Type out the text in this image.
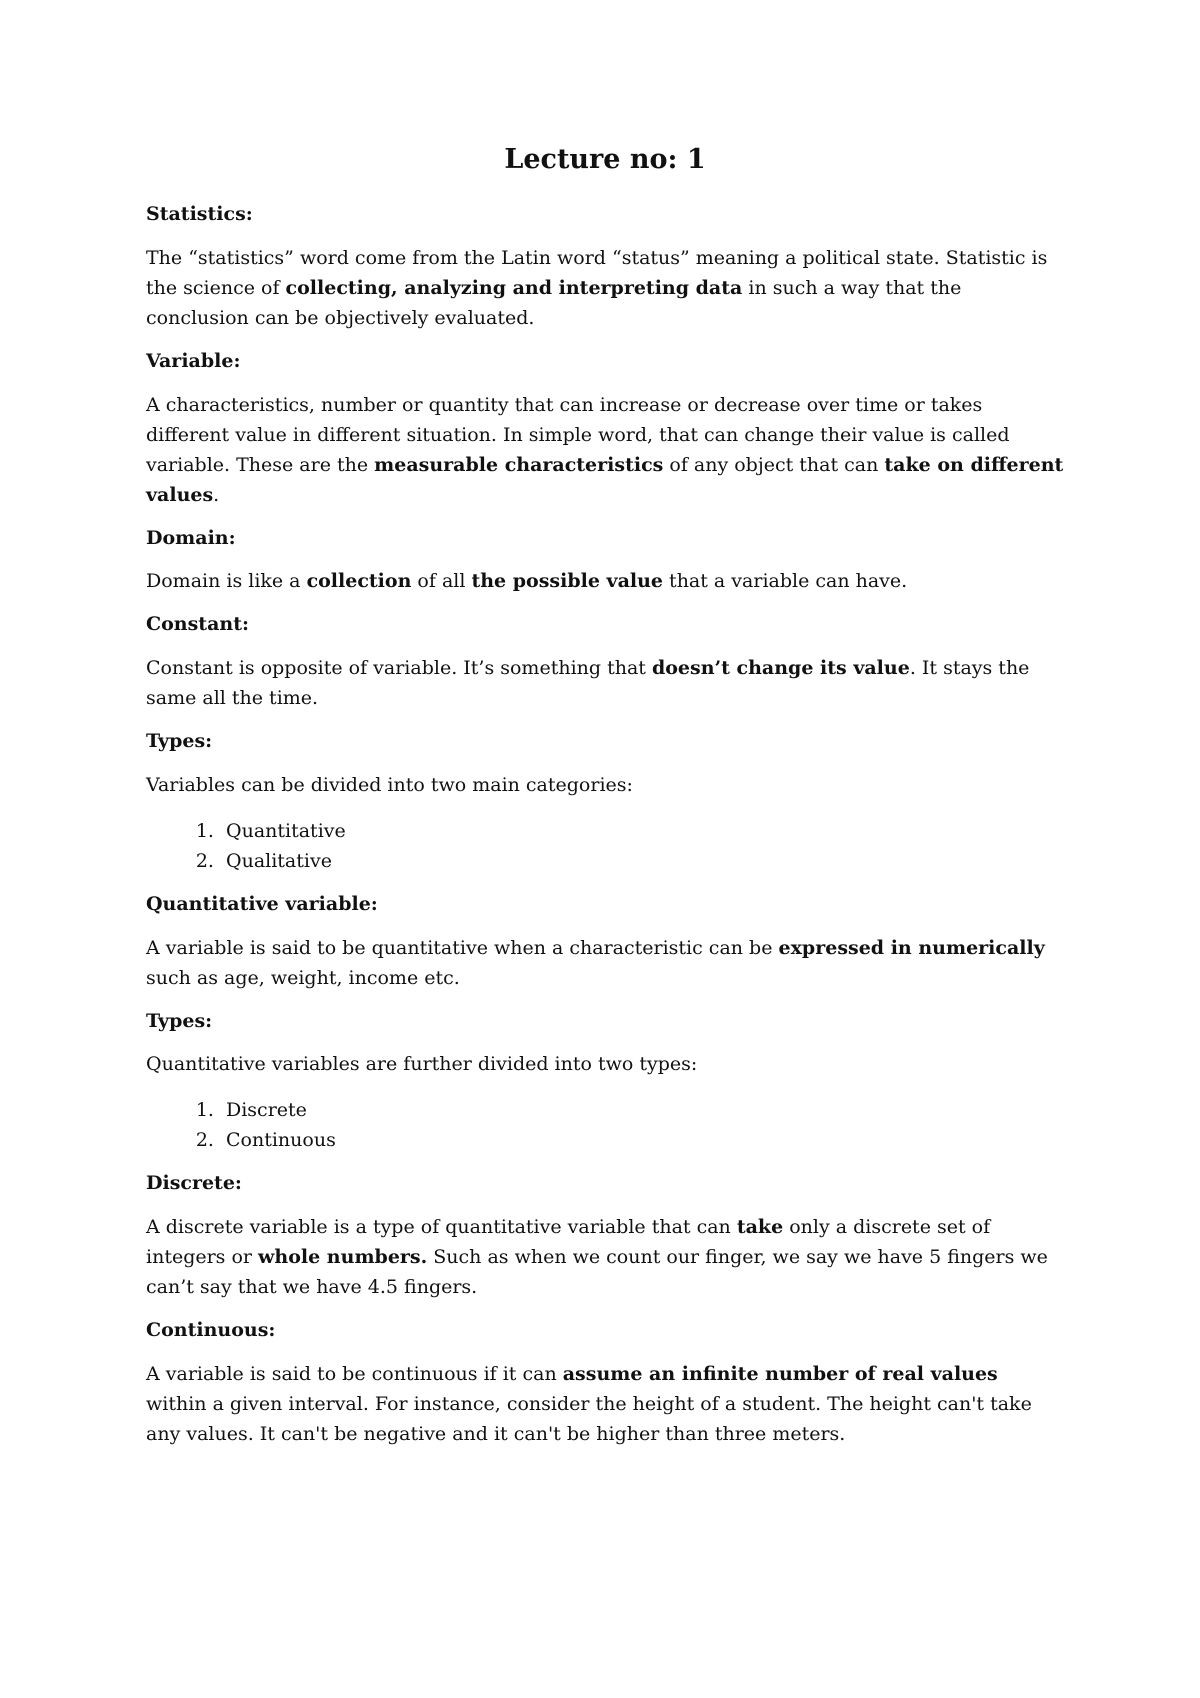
Lecture no: 1
Statistics:

The “statistics” word come from the Latin word “status” meaning a political state. Statistic is the science of collecting, analyzing and interpreting data in such a way that the conclusion can be objectively evaluated.

Variable:

A characteristics, number or quantity that can increase or decrease over time or takes different value in different situation. In simple word, that can change their value is called variable. These are the measurable characteristics of any object that can take on different values.

Domain:

Domain is like a collection of all the possible value that a variable can have.

Constant:

Constant is opposite of variable. It’s something that doesn’t change its value. It stays the same all the time.

Types:

Variables can be divided into two main categories:

1. Quantitative
2. Qualitative
Quantitative variable:

A variable is said to be quantitative when a characteristic can be expressed in numerically such as age, weight, income etc.

Types:

Quantitative variables are further divided into two types:

1. Discrete
2. Continuous
Discrete:

A discrete variable is a type of quantitative variable that can take only a discrete set of integers or whole numbers. Such as when we count our finger, we say we have 5 fingers we can’t say that we have 4.5 fingers.

Continuous:

A variable is said to be continuous if it can assume an infinite number of real values within a given interval. For instance, consider the height of a student. The height can't take any values. It can't be negative and it can't be higher than three meters.
